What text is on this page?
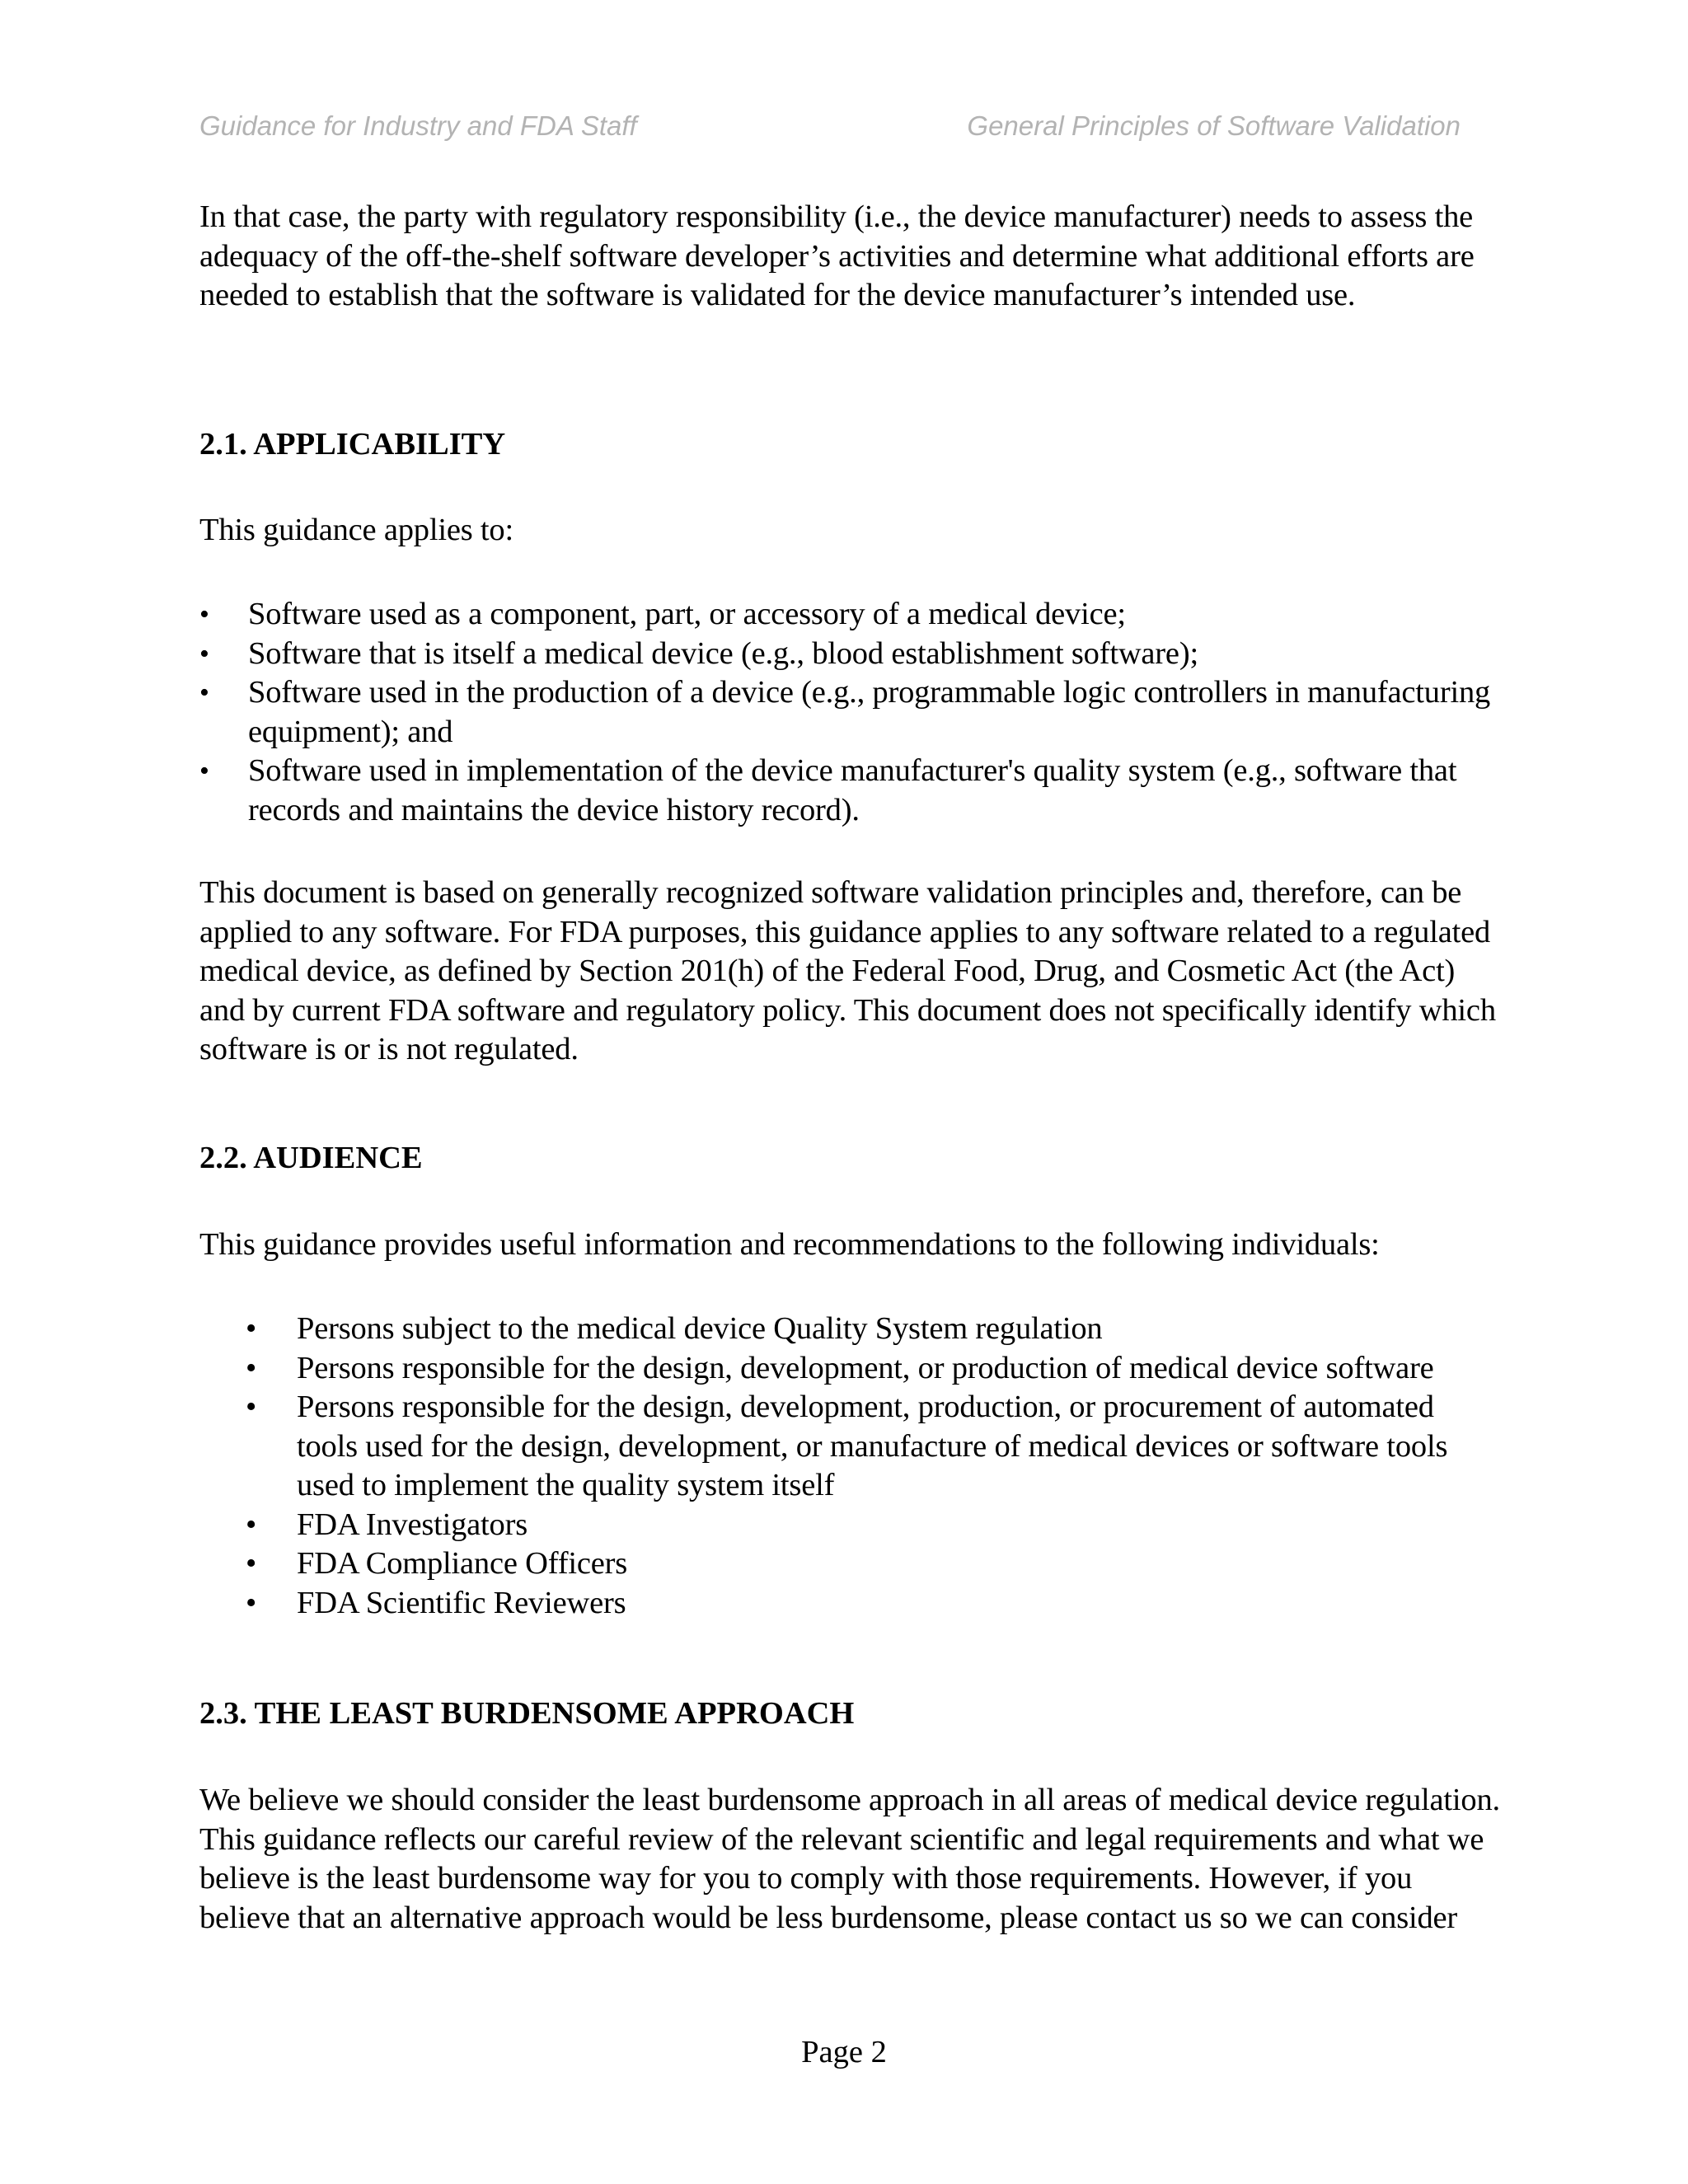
Guidance for Industry and FDA Staff	General Principles of Software Validation

In that case, the party with regulatory responsibility (i.e., the device manufacturer) needs to assess the adequacy of the off-the-shelf software developer’s activities and determine what additional efforts are needed to establish that the software is validated for the device manufacturer’s intended use.

2.1. APPLICABILITY

This guidance applies to:

• Software used as a component, part, or accessory of a medical device;
• Software that is itself a medical device (e.g., blood establishment software);
• Software used in the production of a device (e.g., programmable logic controllers in manufacturing equipment); and
• Software used in implementation of the device manufacturer's quality system (e.g., software that records and maintains the device history record).

This document is based on generally recognized software validation principles and, therefore, can be applied to any software. For FDA purposes, this guidance applies to any software related to a regulated medical device, as defined by Section 201(h) of the Federal Food, Drug, and Cosmetic Act (the Act) and by current FDA software and regulatory policy. This document does not specifically identify which software is or is not regulated.

2.2. AUDIENCE

This guidance provides useful information and recommendations to the following individuals:

• Persons subject to the medical device Quality System regulation
• Persons responsible for the design, development, or production of medical device software
• Persons responsible for the design, development, production, or procurement of automated tools used for the design, development, or manufacture of medical devices or software tools used to implement the quality system itself
• FDA Investigators
• FDA Compliance Officers
• FDA Scientific Reviewers
2.3. THE LEAST BURDENSOME APPROACH

We believe we should consider the least burdensome approach in all areas of medical device regulation. This guidance reflects our careful review of the relevant scientific and legal requirements and what we believe is the least burdensome way for you to comply with those requirements. However, if you believe that an alternative approach would be less burdensome, please contact us so we can consider

Page 2
